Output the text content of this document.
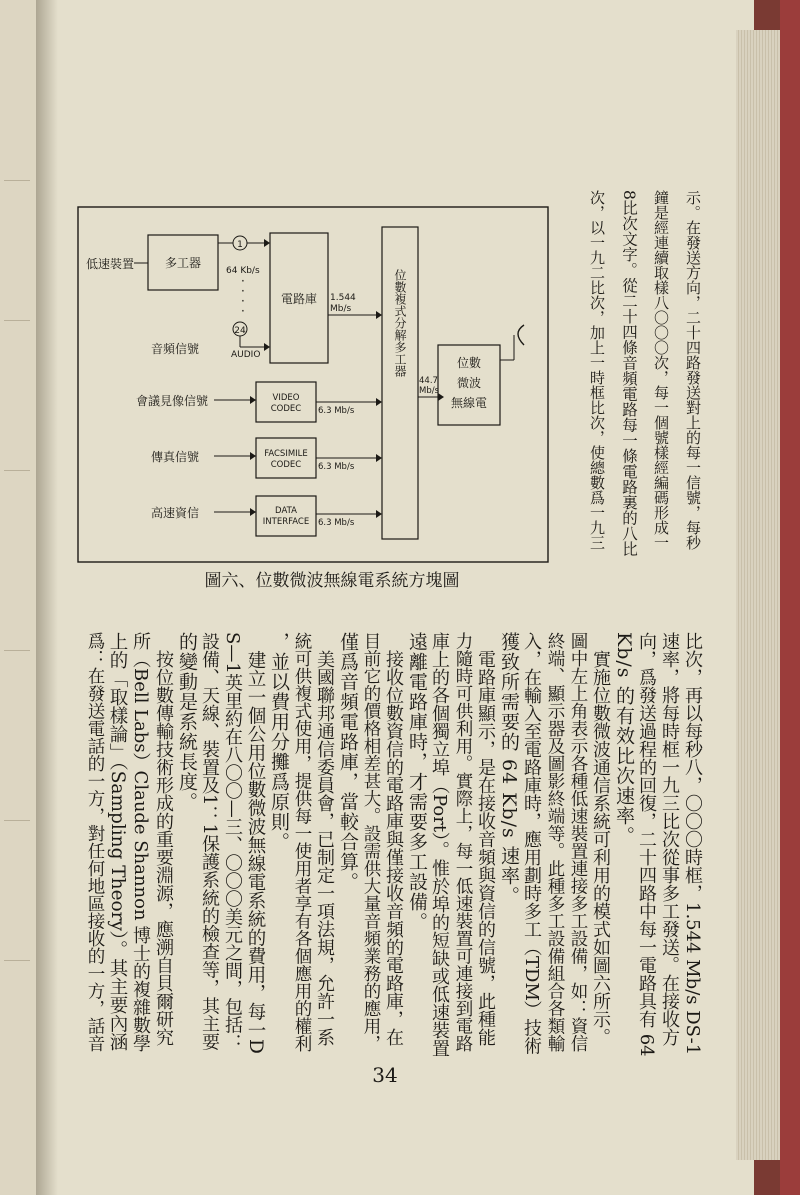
示。在發送方向，二十四路發送對上的每一信號，每秒
鐘是經連續取樣八〇〇〇次，每一個號樣經編碼形成一
8比次文字。從二十四條音頻電路每一條電路裏的八比
次，以一九二比次，加上一時框比次，使總數爲一九三
低速裝置	多工器
1
64 Kb/s
·
·
·
·
24
音頻信號	AUDIO
電路庫 1.544
Mb/s
會議見像信號	VIDEO
CODEC 6.3 Mb/s
傳真信號	FACSIMILE
CODEC 6.3 Mb/s
高速資信	DATA
INTERFACE 6.3 Mb/s
位數複式分解多工器
44.7
Mb/s
位數
微波
無線電
圖六、位數微波無線電系統方塊圖
比次，再以每秒八，〇〇〇時框，1.544 Mb/s DS-1
速率，將每時框一九三比次從事多工發送。在接收方
向，爲發送過程的回復，二十四路中每一電路具有 64
Kb/s 的有效比次速率。
　實施位數微波通信系統可利用的模式如圖六所示。
圖中左上角表示各種低速裝置連接多工設備，如：資信
終端、顯示器及圖影終端等。此種多工設備組合各類輸
入，在輸入至電路庫時，應用劃時多工（TDM）技術
獲致所需要的 64 Kb/s 速率。
　電路庫顯示，是在接收音頻與資信的信號，此種能
力隨時可供利用。實際上，每一低速裝置可連接到電路
庫上的各個獨立埠（Port）。惟於埠的短缺或低速裝置
遠離電路庫時，才需要多工設備。
　接收位數資信的電路庫與僅接收音頻的電路庫，在
目前它的價格相差甚大。設需供大量音頻業務的應用，
僅爲音頻電路庫，當較合算。
　美國聯邦通信委員會，已制定一項法規，允許一系
統可供複式使用，提供每一使用者享有各個應用的權利
，並以費用分攤爲原則。
　建立一個公用位數微波無線電系統的費用，每一D
S—1英里約在八〇〇—三、〇〇〇美元之間，包括：
設備、天線、裝置及1：1保護系統的檢查等，其主要
的變動是系統長度。
　按位數傳輸技術形成的重要淵源，應溯自貝爾研究
所（Bell Labs）Claude Shannon 博士的複雜數學
上的「取樣論」（Sampling Theory）。其主要內涵
爲：在發送電話的一方，對任何地區接收的一方，話音
34
